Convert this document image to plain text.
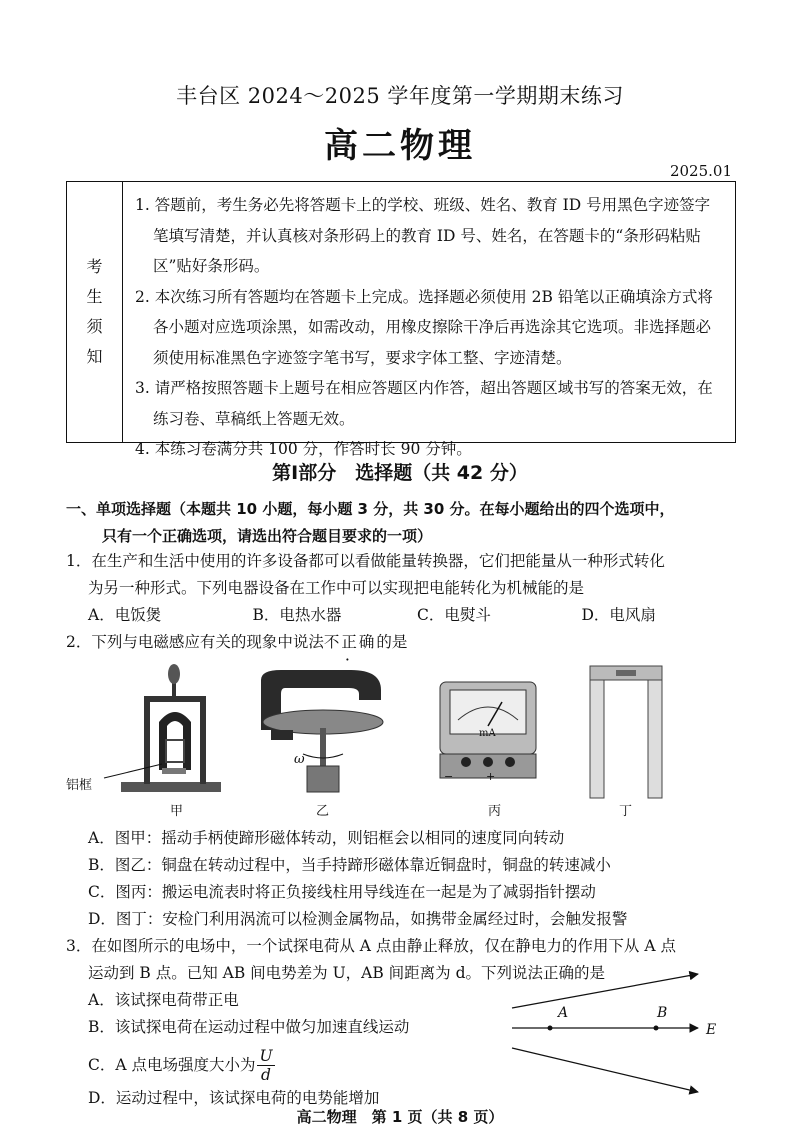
丰台区 2024～2025 学年度第一学期期末练习
高二物理
2025.01
考
生
须
知
1. 答题前，考生务必先将答题卡上的学校、班级、姓名、教育 ID 号用黑色字迹签字笔填写清楚，并认真核对条形码上的教育 ID 号、姓名，在答题卡的“条形码粘贴区”贴好条形码。
2. 本次练习所有答题均在答题卡上完成。选择题必须使用 2B 铅笔以正确填涂方式将各小题对应选项涂黑，如需改动，用橡皮擦除干净后再选涂其它选项。非选择题必须使用标准黑色字迹签字笔书写，要求字体工整、字迹清楚。
3. 请严格按照答题卡上题号在相应答题区内作答，超出答题区域书写的答案无效，在练习卷、草稿纸上答题无效。
4. 本练习卷满分共 100 分，作答时长 90 分钟。
第Ⅰ部分　选择题（共 42 分）
一、单项选择题（本题共 10 小题，每小题 3 分，共 30 分。在每小题给出的四个选项中，
只有一个正确选项，请选出符合题目要求的一项）
1．在生产和生活中使用的许多设备都可以看做能量转换器，它们把能量从一种形式转化
为另一种形式。下列电器设备在工作中可以实现把电能转化为机械能的是
A．电饭煲	B．电热水器	C．电熨斗	D．电风扇
2．下列与电磁感应有关的现象中说法不正确的是
铝框
甲
ω
乙
mA
−	+
丙	丁
A．图甲：摇动手柄使蹄形磁体转动，则铝框会以相同的速度同向转动
B．图乙：铜盘在转动过程中，当手持蹄形磁体靠近铜盘时，铜盘的转速减小
C．图丙：搬运电流表时将正负接线柱用导线连在一起是为了减弱指针摆动
D．图丁：安检门利用涡流可以检测金属物品，如携带金属经过时，会触发报警
3．在如图所示的电场中，一个试探电荷从 A 点由静止释放，仅在静电力的作用下从 A 点
运动到 B 点。已知 AB 间电势差为 U，AB 间距离为 d。下列说法正确的是
A．该试探电荷带正电
B．该试探电荷在运动过程中做匀加速直线运动
C．A 点电场强度大小为 $\frac{U}{d}$
D．运动过程中，该试探电荷的电势能增加
A	B
E
高二物理　第 1 页（共 8 页）
